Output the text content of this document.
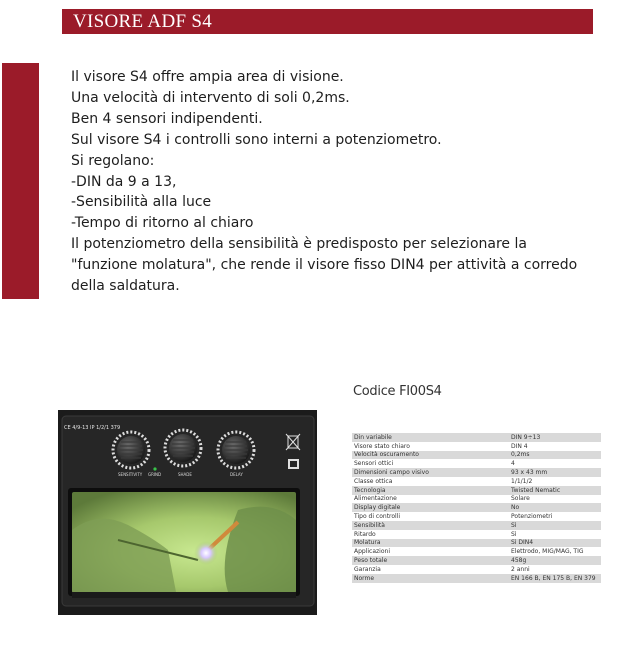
VISORE ADF S4
Il visore S4 offre ampia area di visione.
Una velocità di intervento di soli 0,2ms.
Ben 4 sensori indipendenti.
Sul visore S4 i controlli sono interni a potenziometro.
Si regolano:
-DIN da 9 a 13,
-Sensibilità alla luce
-Tempo di ritorno al chiaro
Il potenziometro della sensibilità è predisposto per selezionare la
"funzione molatura", che rende il visore fisso DIN4 per attività a corredo
della saldatura.
Codice FI00S4
CE 4/9-13 IP 1/2/1 379
SENSITIVITY GRIND	SHADE	DELAY
Din variabile	DIN 9÷13
Visore stato chiaro	DIN 4
Velocità oscuramento	0,2ms
Sensori ottici	4
Dimensioni campo visivo	93 x 43 mm
Classe ottica	1/1/1/2
Tecnologia	Twisted Nematic
Alimentazione	Solare
Display digitale	No
Tipo di controlli	Potenziometri
Sensibilità	Sì
Ritardo	Sì
Molatura	Sì DIN4
Applicazioni	Elettrodo, MIG/MAG, TIG
Peso totale	458g
Garanzia	2 anni
Norme	EN 166 B, EN 175 B, EN 379
